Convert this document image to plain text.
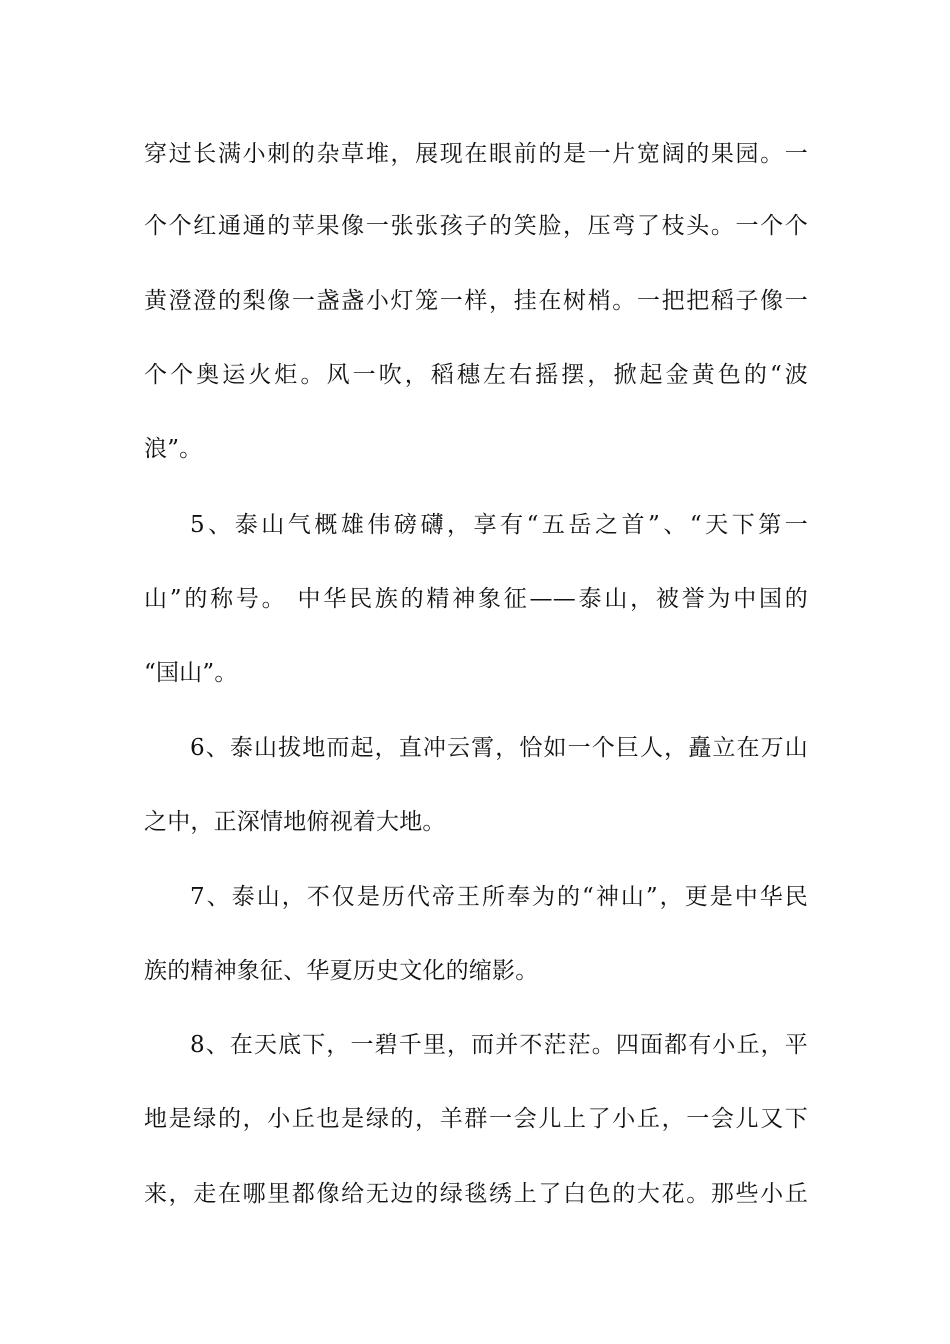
穿过长满小刺的杂草堆，展现在眼前的是一片宽阔的果园。一
个个红通通的苹果像一张张孩子的笑脸，压弯了枝头。一个个
黄澄澄的梨像一盏盏小灯笼一样，挂在树梢。一把把稻子像一
个个奥运火炬。风一吹，稻穗左右摇摆，掀起金黄色的“波
浪”。
5、泰山气概雄伟磅礴，享有“五岳之首”、“天下第一
山”的称号。 中华民族的精神象征——泰山，被誉为中国的
“国山”。
6、泰山拔地而起，直冲云霄，恰如一个巨人，矗立在万山
之中，正深情地俯视着大地。
7、泰山，不仅是历代帝王所奉为的“神山”，更是中华民
族的精神象征、华夏历史文化的缩影。
8、在天底下，一碧千里，而并不茫茫。四面都有小丘，平
地是绿的，小丘也是绿的，羊群一会儿上了小丘，一会儿又下
来，走在哪里都像给无边的绿毯绣上了白色的大花。那些小丘
